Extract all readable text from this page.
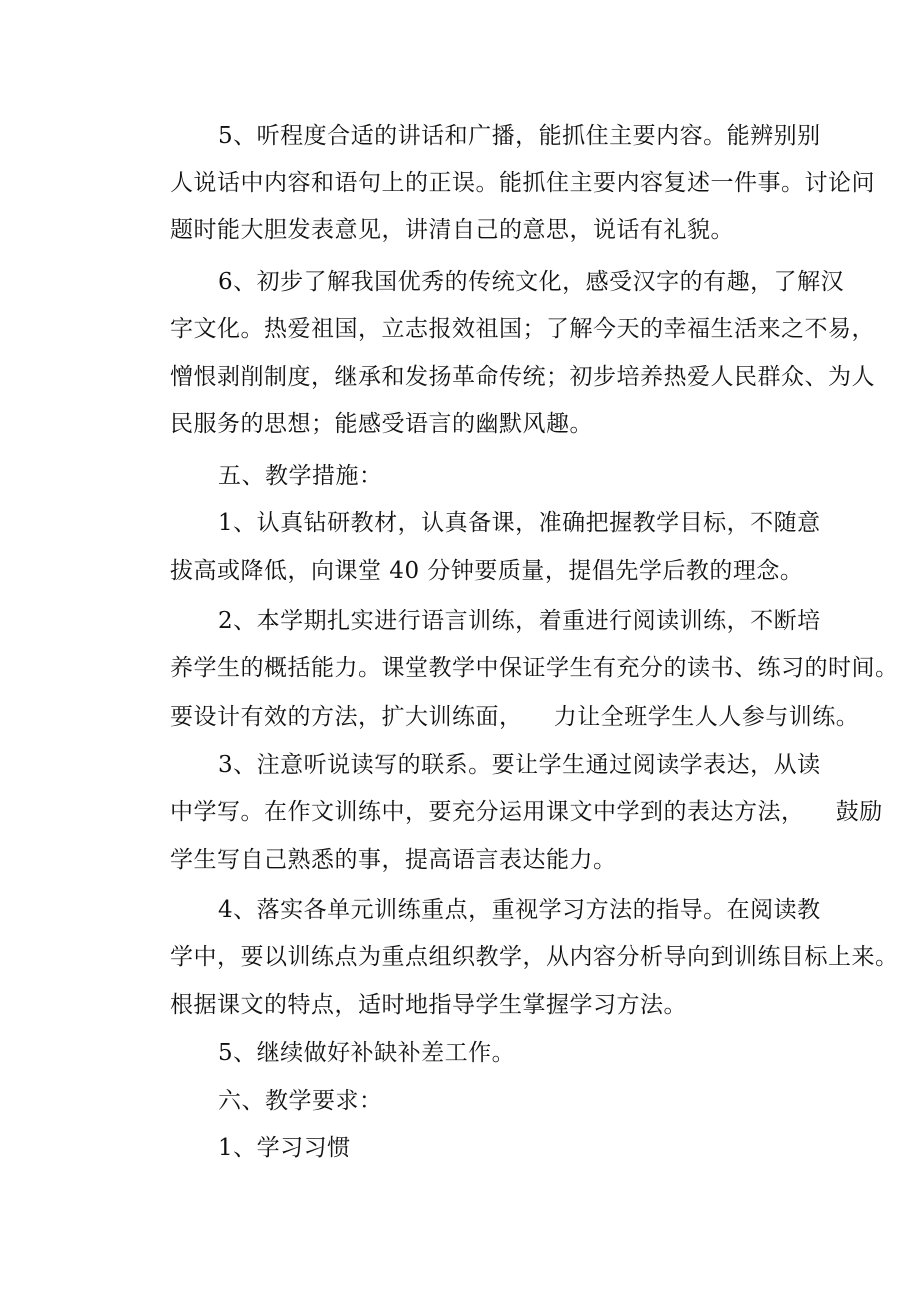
5、听程度合适的讲话和广播，能抓住主要内容。能辨别别
人说话中内容和语句上的正误。能抓住主要内容复述一件事。讨论问
题时能大胆发表意见，讲清自己的意思，说话有礼貌。
6、初步了解我国优秀的传统文化，感受汉字的有趣，了解汉
字文化。热爱祖国，立志报效祖国；了解今天的幸福生活来之不易，
憎恨剥削制度，继承和发扬革命传统；初步培养热爱人民群众、为人
民服务的思想；能感受语言的幽默风趣。
五、教学措施：
1、认真钻研教材，认真备课，准确把握教学目标，不随意
拔高或降低，向课堂 40 分钟要质量，提倡先学后教的理念。
2、本学期扎实进行语言训练，着重进行阅读训练，不断培
养学生的概括能力。课堂教学中保证学生有充分的读书、练习的时间。
要设计有效的方法，扩大训练面，    力让全班学生人人参与训练。
3、注意听说读写的联系。要让学生通过阅读学表达，从读
中学写。在作文训练中，要充分运用课文中学到的表达方法，    鼓励
学生写自己熟悉的事，提高语言表达能力。
4、落实各单元训练重点，重视学习方法的指导。在阅读教
学中，要以训练点为重点组织教学，从内容分析导向到训练目标上来。
根据课文的特点，适时地指导学生掌握学习方法。
5、继续做好补缺补差工作。
六、教学要求：
1、学习习惯
